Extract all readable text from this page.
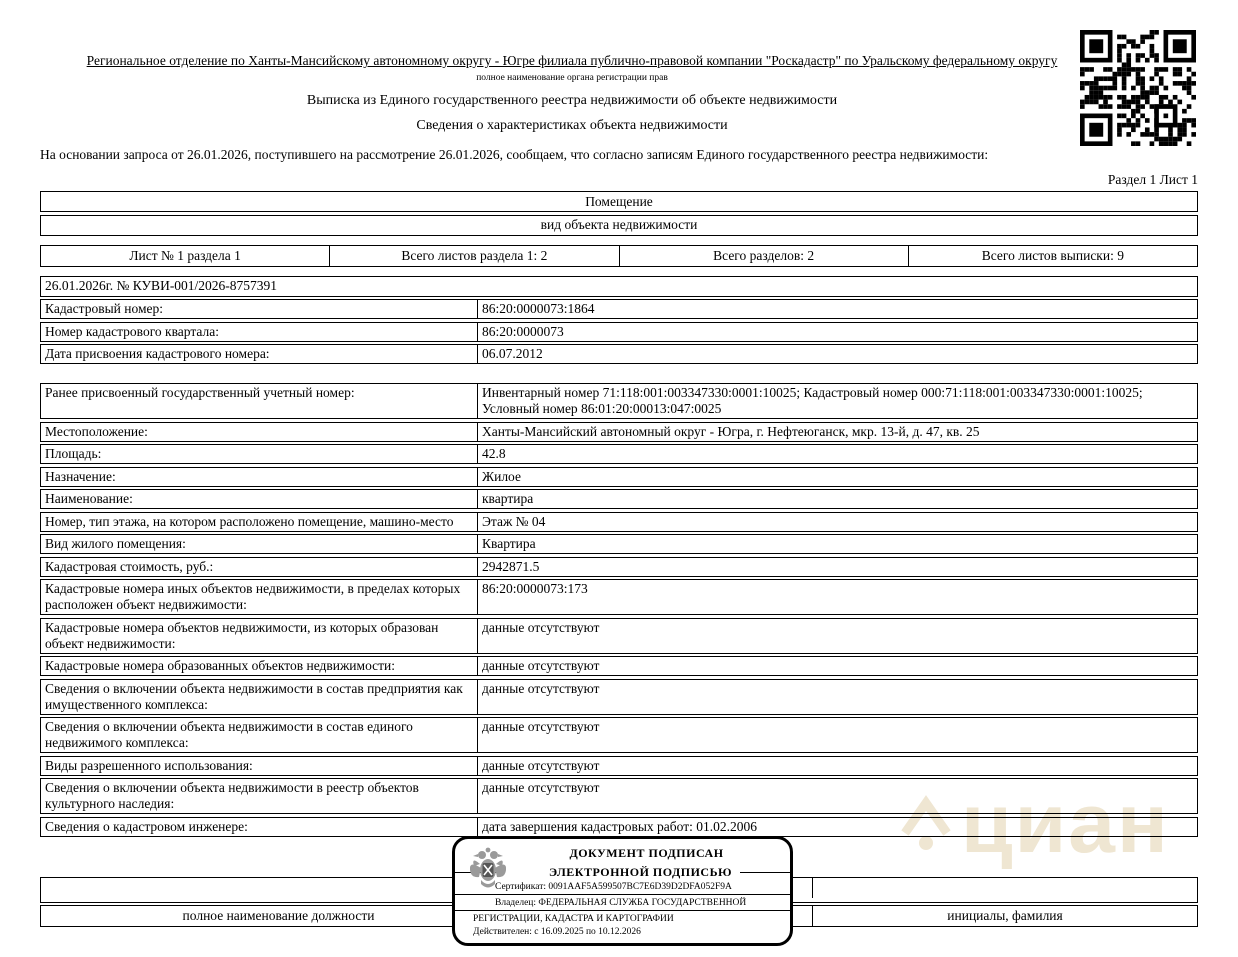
циан
Региональное отделение по Ханты-Мансийскому автономному округу - Югре филиала публично-правовой компании "Роскадастр" по Уральскому федеральному округу
полное наименование органа регистрации прав
Выписка из Единого государственного реестра недвижимости об объекте недвижимости
Сведения о характеристиках объекта недвижимости
На основании запроса от 26.01.2026, поступившего на рассмотрение 26.01.2026, сообщаем, что согласно записям Единого государственного реестра недвижимости:
Раздел 1 Лист 1
Помещение
вид объекта недвижимости
Лист № 1 раздела 1	Всего листов раздела 1: 2	Всего разделов: 2	Всего листов выписки: 9
26.01.2026г. № КУВИ-001/2026-8757391
Кадастровый номер:	86:20:0000073:1864
Номер кадастрового квартала:	86:20:0000073
Дата присвоения кадастрового номера:	06.07.2012
Ранее присвоенный государственный учетный номер:	Инвентарный номер 71:118:001:003347330:0001:10025; Кадастровый номер 000:71:118:001:003347330:0001:10025; Условный номер 86:01:20:00013:047:0025
Местоположение:	Ханты-Мансийский автономный округ - Югра, г. Нефтеюганск, мкр. 13-й, д. 47, кв. 25
Площадь:	42.8
Назначение:	Жилое
Наименование:	квартира
Номер, тип этажа, на котором расположено помещение, машино-место	Этаж № 04
Вид жилого помещения:	Квартира
Кадастровая стоимость, руб.:	2942871.5
Кадастровые номера иных объектов недвижимости, в пределах которых расположен объект недвижимости:
86:20:0000073:173
Кадастровые номера объектов недвижимости, из которых образован объект недвижимости:
данные отсутствуют
Кадастровые номера образованных объектов недвижимости:	данные отсутствуют
Сведения о включении объекта недвижимости в состав предприятия как имущественного комплекса:
данные отсутствуют
Сведения о включении объекта недвижимости в состав единого недвижимого комплекса:
данные отсутствуют
Виды разрешенного использования:	данные отсутствуют
Сведения о включении объекта недвижимости в реестр объектов культурного наследия:
данные отсутствуют
Сведения о кадастровом инженере:	дата завершения кадастровых работ: 01.02.2006
полное наименование должности	инициалы, фамилия
ДОКУМЕНТ ПОДПИСАН
ЭЛЕКТРОННОЙ ПОДПИСЬЮ
Сертификат: 0091AAF5A599507BC7E6D39D2DFA052F9A
Владелец: ФЕДЕРАЛЬНАЯ СЛУЖБА ГОСУДАРСТВЕННОЙ
РЕГИСТРАЦИИ, КАДАСТРА И КАРТОГРАФИИ
Действителен: с 16.09.2025 по 10.12.2026
